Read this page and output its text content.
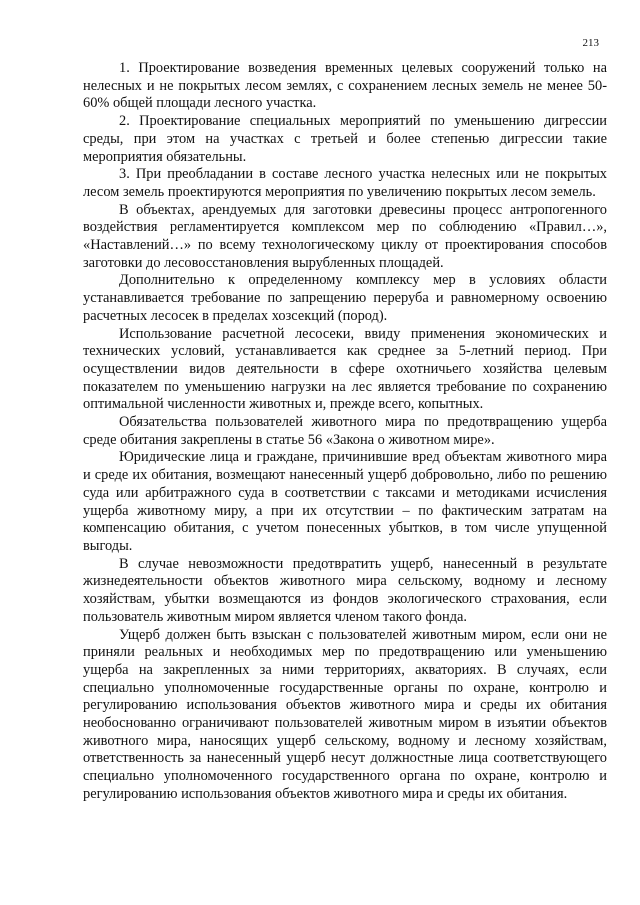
213

1. Проектирование возведения временных целевых сооружений только на нелесных и не покрытых лесом землях, с сохранением лесных земель не менее 50-60% общей площади лесного участка.

2. Проектирование специальных мероприятий по уменьшению дигрессии среды, при этом на участках с третьей и более степенью дигрессии такие мероприятия обязательны.

3. При преобладании в составе лесного участка нелесных или не покрытых лесом земель проектируются мероприятия по увеличению покрытых лесом земель.

В объектах, арендуемых для заготовки древесины процесс антропогенного воздействия регламентируется комплексом мер по соблюдению «Правил…», «Наставлений…» по всему технологическому циклу от проектирования способов заготовки до лесовосстановления вырубленных площадей.

Дополнительно к определенному комплексу мер в условиях области устанавливается требование по запрещению переруба и равномерному освоению расчетных лесосек в пределах хозсекций (пород).

Использование расчетной лесосеки, ввиду применения экономических и технических условий, устанавливается как среднее за 5-летний период. При осуществлении видов деятельности в сфере охотничьего хозяйства целевым показателем по уменьшению нагрузки на лес является требование по сохранению оптимальной численности животных и, прежде всего, копытных.

Обязательства пользователей животного мира по предотвращению ущерба среде обитания закреплены в статье 56 «Закона о животном мире».

Юридические лица и граждане, причинившие вред объектам животного мира и среде их обитания, возмещают нанесенный ущерб добровольно, либо по решению суда или арбитражного суда в соответствии с таксами и методиками исчисления ущерба животному миру, а при их отсутствии – по фактическим затратам на компенсацию обитания, с учетом понесенных убытков, в том числе упущенной выгоды.

В случае невозможности предотвратить ущерб, нанесенный в результате жизнедеятельности объектов животного мира сельскому, водному и лесному хозяйствам, убытки возмещаются из фондов экологического страхования, если пользователь животным миром является членом такого фонда.

Ущерб должен быть взыскан с пользователей животным миром, если они не приняли реальных и необходимых мер по предотвращению или уменьшению ущерба на закрепленных за ними территориях, акваториях. В случаях, если специально уполномоченные государственные органы по охране, контролю и регулированию использования объектов животного мира и среды их обитания необоснованно ограничивают пользователей животным миром в изъятии объектов животного мира, наносящих ущерб сельскому, водному и лесному хозяйствам, ответственность за нанесенный ущерб несут должностные лица соответствующего специально уполномоченного государственного органа по охране, контролю и регулированию использования объектов животного мира и среды их обитания.
